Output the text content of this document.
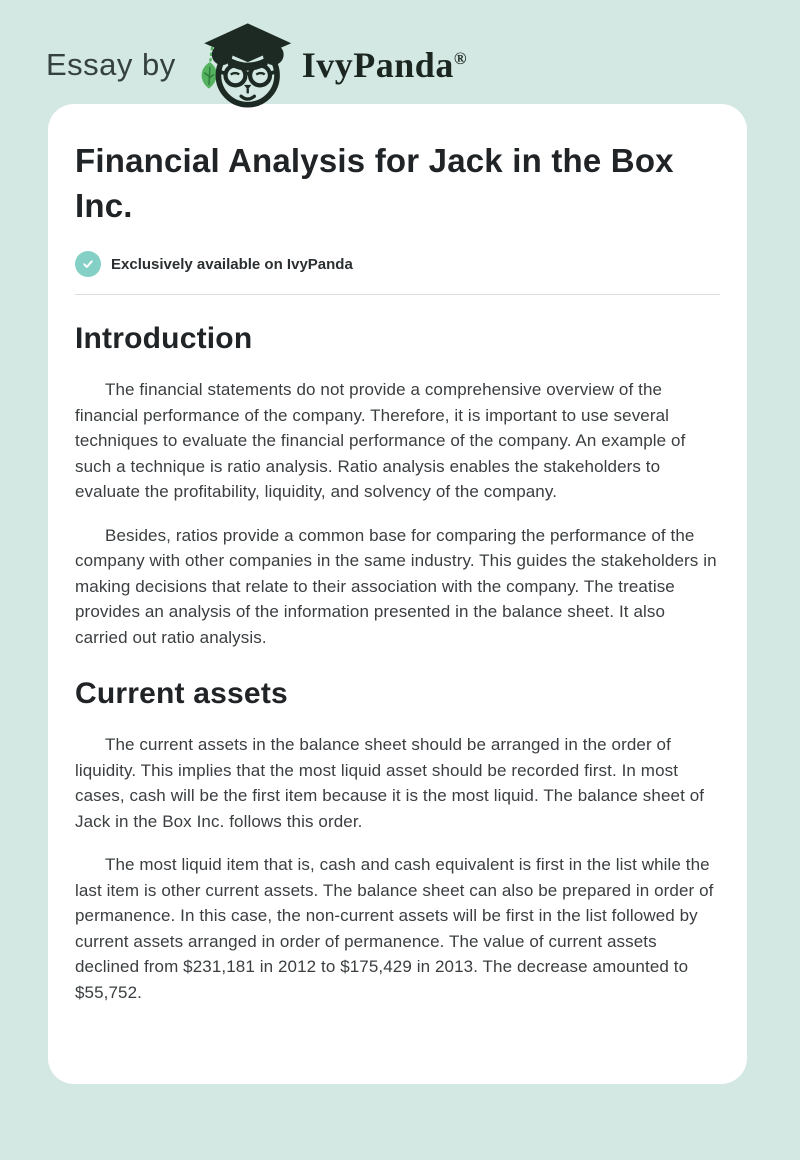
Essay by	IvyPanda®
Financial Analysis for Jack in the Box Inc.
Exclusively available on IvyPanda
Introduction

The financial statements do not provide a comprehensive overview of the financial performance of the company. Therefore, it is important to use several techniques to evaluate the financial performance of the company. An example of such a technique is ratio analysis. Ratio analysis enables the stakeholders to evaluate the profitability, liquidity, and solvency of the company.

Besides, ratios provide a common base for comparing the performance of the company with other companies in the same industry. This guides the stakeholders in making decisions that relate to their association with the company. The treatise provides an analysis of the information presented in the balance sheet. It also carried out ratio analysis.

Current assets

The current assets in the balance sheet should be arranged in the order of liquidity. This implies that the most liquid asset should be recorded first. In most cases, cash will be the first item because it is the most liquid. The balance sheet of Jack in the Box Inc. follows this order.

The most liquid item that is, cash and cash equivalent is first in the list while the last item is other current assets. The balance sheet can also be prepared in order of permanence. In this case, the non-current assets will be first in the list followed by current assets arranged in order of permanence. The value of current assets declined from $231,181 in 2012 to $175,429 in 2013. The decrease amounted to $55,752.
